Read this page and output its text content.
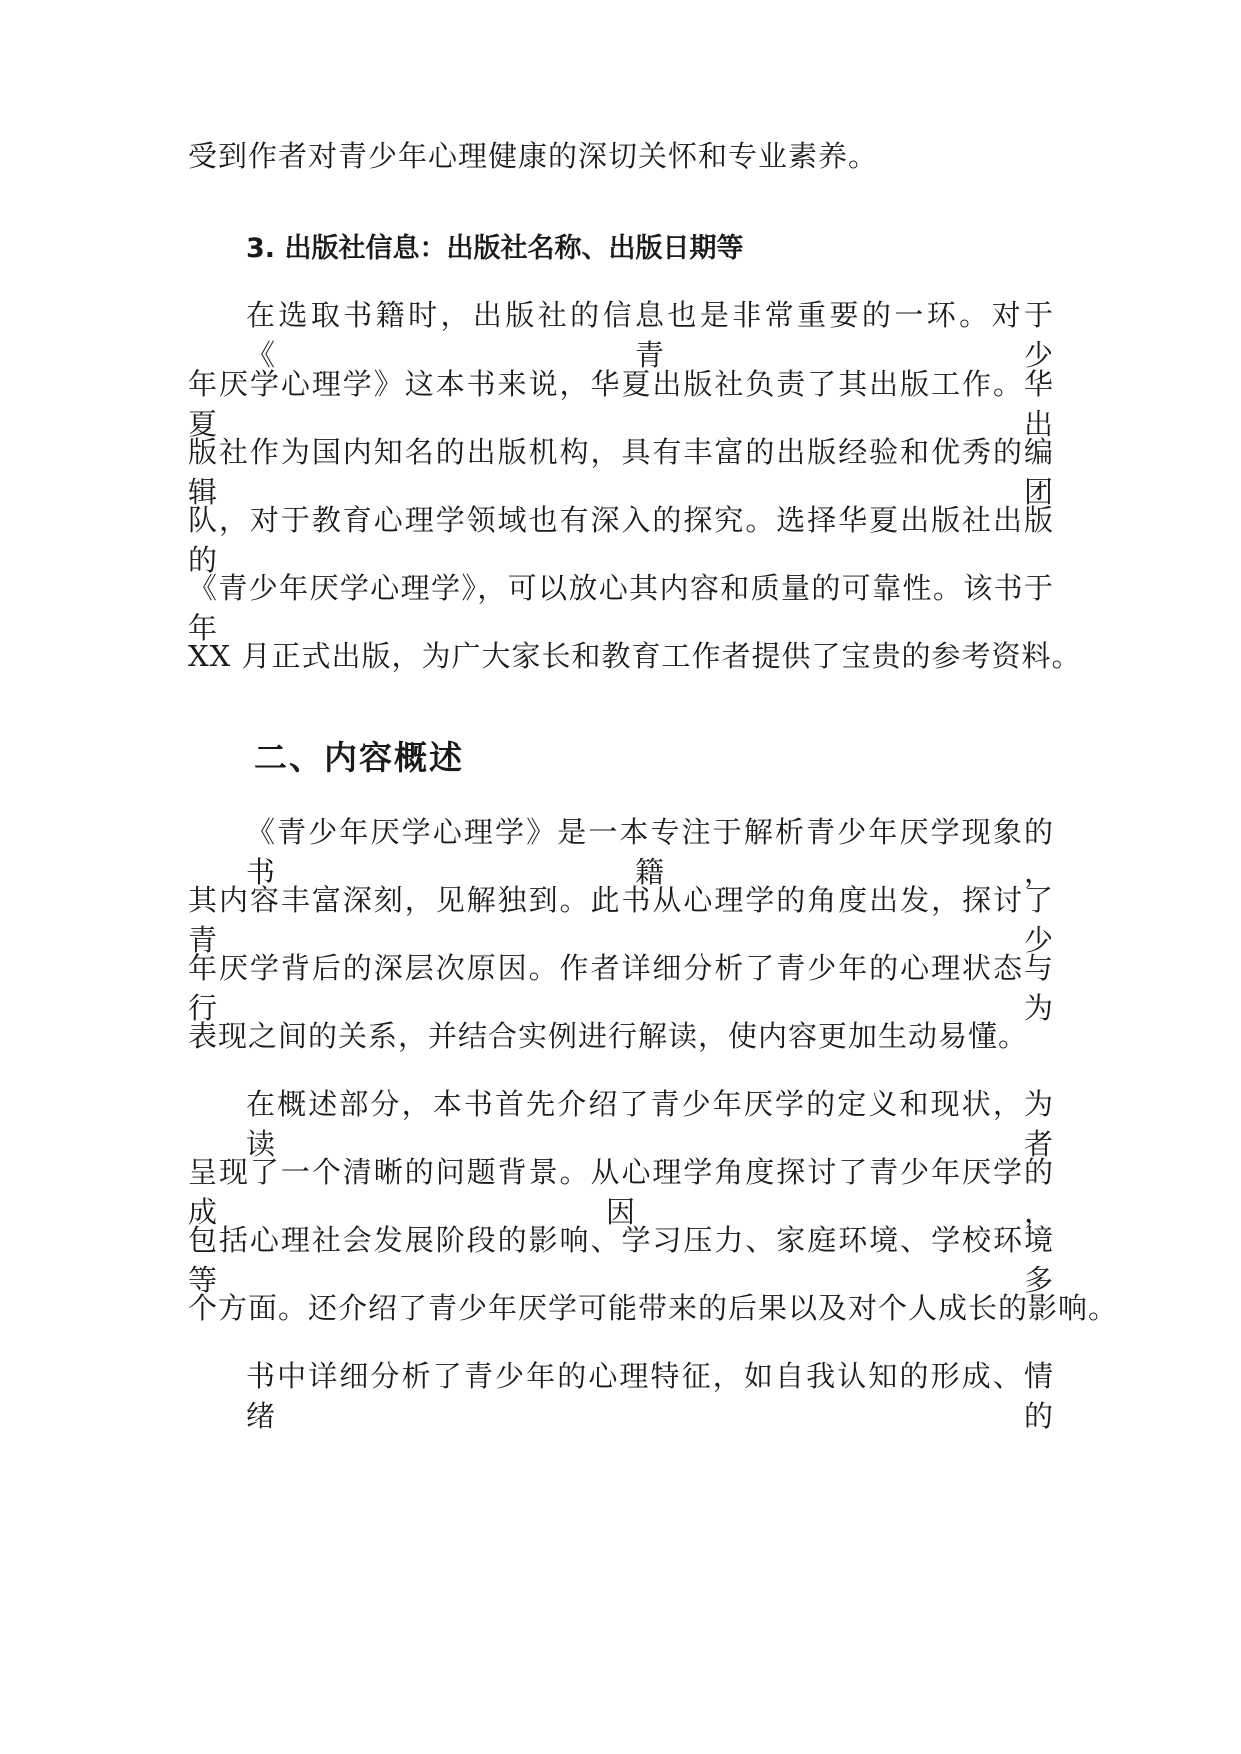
受到作者对青少年心理健康的深切关怀和专业素养。
3. 出版社信息：出版社名称、出版日期等
在选取书籍时，出版社的信息也是非常重要的一环。对于《青少
年厌学心理学》这本书来说，华夏出版社负责了其出版工作。华夏出
版社作为国内知名的出版机构，具有丰富的出版经验和优秀的编辑团
队，对于教育心理学领域也有深入的探究。选择华夏出版社出版的
《青少年厌学心理学》，可以放心其内容和质量的可靠性。该书于年
XX 月正式出版，为广大家长和教育工作者提供了宝贵的参考资料。
二、内容概述
《青少年厌学心理学》是一本专注于解析青少年厌学现象的书籍，
其内容丰富深刻，见解独到。此书从心理学的角度出发，探讨了青少
年厌学背后的深层次原因。作者详细分析了青少年的心理状态与行为
表现之间的关系，并结合实例进行解读，使内容更加生动易懂。
在概述部分，本书首先介绍了青少年厌学的定义和现状，为读者
呈现了一个清晰的问题背景。从心理学角度探讨了青少年厌学的成因，
包括心理社会发展阶段的影响、学习压力、家庭环境、学校环境等多
个方面。还介绍了青少年厌学可能带来的后果以及对个人成长的影响。
书中详细分析了青少年的心理特征，如自我认知的形成、情绪的
